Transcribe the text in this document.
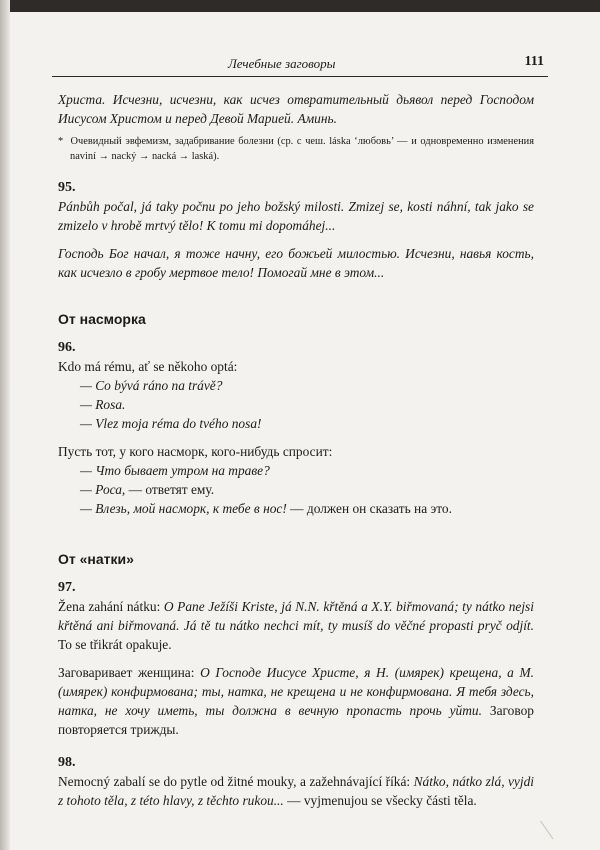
Лечебные заговоры	111

Христа. Исчезни, исчезни, как исчез отвратительный дьявол перед Господом Иисусом Христом и перед Девой Марией. Аминь.

* Очевидный эвфемизм, задабривание болезни (ср. с чеш. láska ‘любовь’ — и одновременно изменения naviní → nacký → nacká → laská).

95.

Pánbůh počal, já taky počnu po jeho božský milosti. Zmizej se, kosti náhní, tak jako se zmizelo v hrobě mrtvý tělo! K tomu mi dopomáhej...

Господь Бог начал, я тоже начну, его божьей милостью. Исчезни, навья кость, как исчезло в гробу мертвое тело! Помогай мне в этом...

От насморка
96.

Kdo má rému, ať se někoho optá:

— Co bývá ráno na trávě?
— Rosa.
— Vlez moja réma do tvého nosa!

Пусть тот, у кого насморк, кого-нибудь спросит:

— Что бывает утром на траве?
— Роса, — ответят ему.
— Влезь, мой насморк, к тебе в нос! — должен он сказать на это.
От «натки»
97.

Žena zahání nátku: O Pane Ježíši Kriste, já N.N. křtěná a X.Y. biřmovaná; ty nátko nejsi křtěná ani biřmovaná. Já tě tu nátko nechci mít, ty musíš do věčné propasti pryč odjít. To se třikrát opakuje.

Заговаривает женщина: О Господе Иисусе Христе, я Н. (имярек) крещена, а М. (имярек) конфирмована; ты, натка, не крещена и не конфирмована. Я тебя здесь, натка, не хочу иметь, ты должна в вечную пропасть прочь уйти. Заговор повторяется трижды.

98.

Nemocný zabalí se do pytle od žitné mouky, a zažehnávající říká: Nátko, nátko zlá, vyjdi z tohoto těla, z této hlavy, z těchto rukou... — vyjmenujou se všecky části těla.
